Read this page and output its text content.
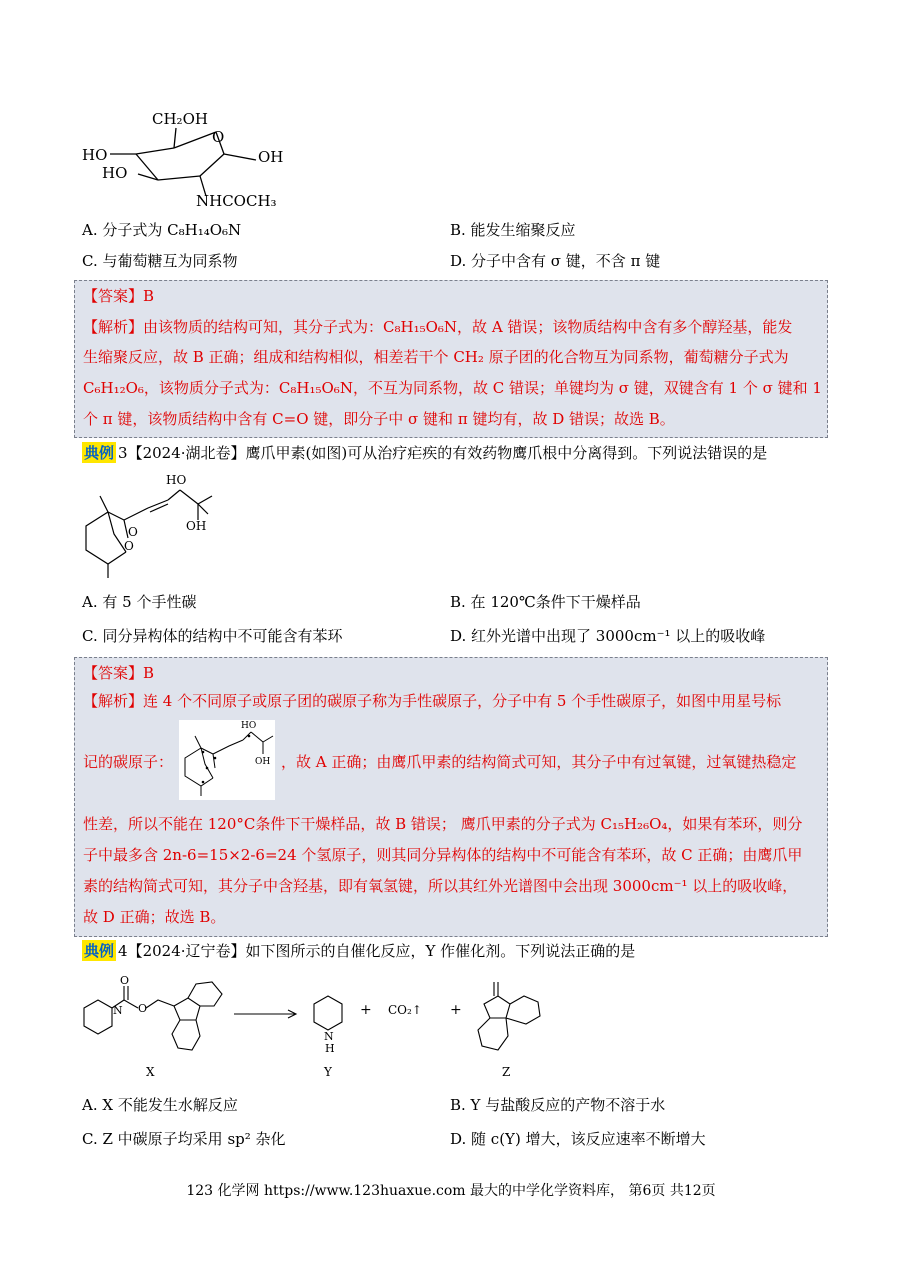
CH₂OH
O
HO	OH
HO
NHCOCH₃
A. 分子式为 C₈H₁₄O₆N	B. 能发生缩聚反应
C. 与葡萄糖互为同系物	D. 分子中含有 σ 键，不含 π 键
【答案】B
【解析】由该物质的结构可知，其分子式为：C₈H₁₅O₆N，故 A 错误；该物质结构中含有多个醇羟基，能发
生缩聚反应，故 B 正确；组成和结构相似，相差若干个 CH₂ 原子团的化合物互为同系物，葡萄糖分子式为
C₆H₁₂O₆，该物质分子式为：C₈H₁₅O₆N，不互为同系物，故 C 错误；单键均为 σ 键，双键含有 1 个 σ 键和 1
个 π 键，该物质结构中含有 C=O 键，即分子中 σ 键和 π 键均有，故 D 错误；故选 B。
典例 3【2024·湖北卷】鹰爪甲素(如图)可从治疗疟疾的有效药物鹰爪根中分离得到。下列说法错误的是
HO
OH
O
O
A. 有 5 个手性碳	B. 在 120℃条件下干燥样品
C. 同分异构体的结构中不可能含有苯环	D. 红外光谱中出现了 3000cm⁻¹ 以上的吸收峰
【答案】B
【解析】连 4 个不同原子或原子团的碳原子称为手性碳原子，分子中有 5 个手性碳原子，如图中用星号标
记的碳原子：
HO
OH ，故 A 正确；由鹰爪甲素的结构简式可知，其分子中有过氧键，过氧键热稳定
性差，所以不能在 120°C条件下干燥样品，故 B 错误； 鹰爪甲素的分子式为 C₁₅H₂₆O₄，如果有苯环，则分
子中最多含 2n-6=15×2-6=24 个氢原子，则其同分异构体的结构中不可能含有苯环，故 C 正确；由鹰爪甲
素的结构简式可知，其分子中含羟基，即有氧氢键，所以其红外光谱图中会出现 3000cm⁻¹ 以上的吸收峰，
故 D 正确；故选 B。
典例 4【2024·辽宁卷】如下图所示的自催化反应，Y 作催化剂。下列说法正确的是
N
O
O
N
H
+ CO₂↑ +
X	Y	Z
A. X 不能发生水解反应	B. Y 与盐酸反应的产物不溶于水
C. Z 中碳原子均采用 sp² 杂化	D. 随 c(Y) 增大，该反应速率不断增大
123 化学网 https://www.123huaxue.com 最大的中学化学资料库， 第6页 共12页
